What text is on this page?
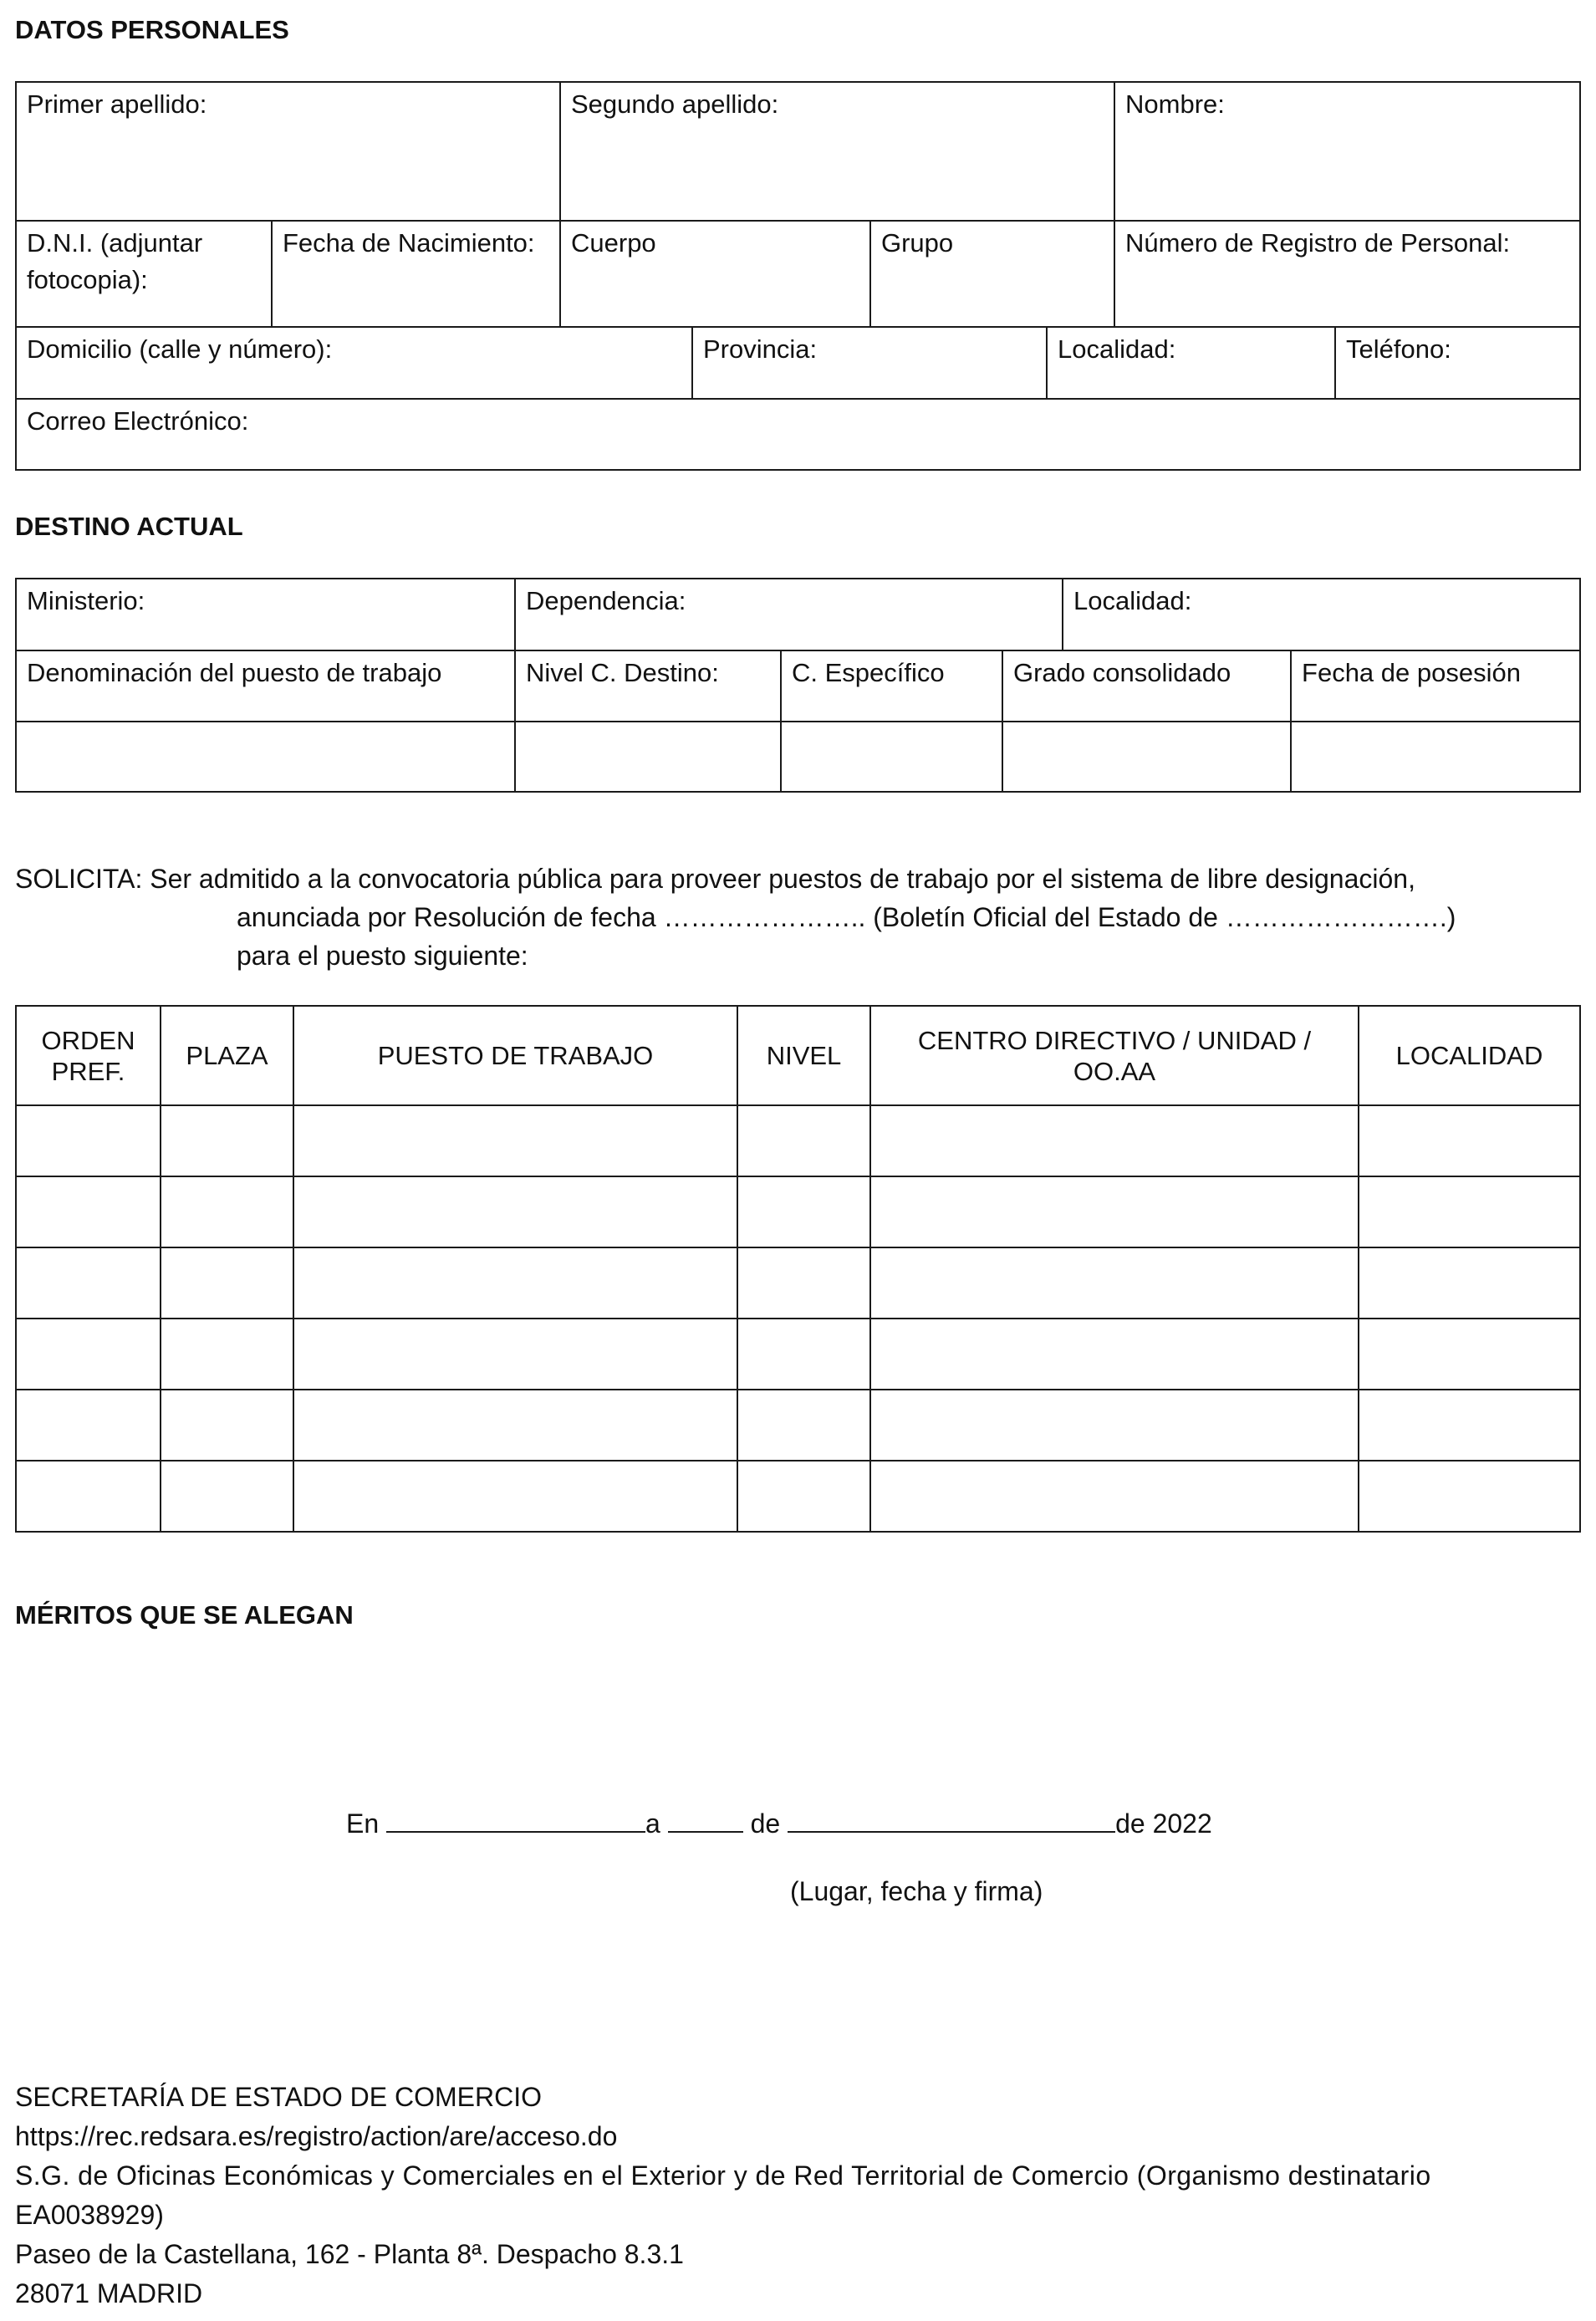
DATOS PERSONALES
Primer apellido:		Segundo apellido:		Nombre:
D.N.I. (adjuntar fotocopia):	Fecha de Nacimiento:	Cuerpo	Grupo	Número de Registro de Personal:
Domicilio (calle y número):	Provincia:	Localidad:	Teléfono:
Correo Electrónico:
DESTINO ACTUAL
Ministerio:	Dependencia:			Localidad:	
Denominación del puesto de trabajo	Nivel C. Destino:	C. Específico	Grado consolidado		Fecha de posesión

SOLICITA: Ser admitido a la convocatoria pública para proveer puestos de trabajo por el sistema de libre designación,
anunciada por Resolución de fecha ………………….. (Boletín Oficial del Estado de …………………….)
para el puesto siguiente:
ORDEN PREF.	PLAZA	PUESTO DE TRABAJO	NIVEL	CENTRO DIRECTIVO / UNIDAD / OO.AA	LOCALIDAD

MÉRITOS QUE SE ALEGAN
En	a	de	de 2022
(Lugar, fecha y firma)
SECRETARÍA DE ESTADO DE COMERCIO
https://rec.redsara.es/registro/action/are/acceso.do
S.G. de Oficinas Económicas y Comerciales en el Exterior y de Red Territorial de Comercio (Organismo destinatario
EA0038929)
Paseo de la Castellana, 162 - Planta 8ª. Despacho 8.3.1
28071 MADRID
